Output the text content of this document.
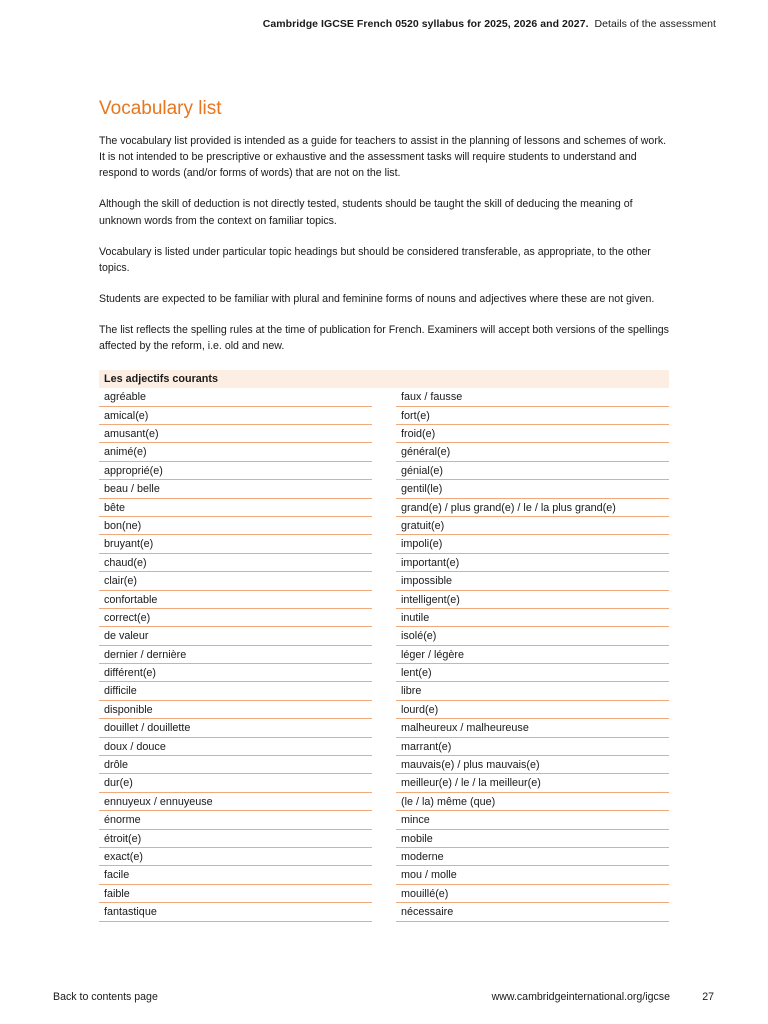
Cambridge IGCSE French 0520 syllabus for 2025, 2026 and 2027. Details of the assessment
Vocabulary list

The vocabulary list provided is intended as a guide for teachers to assist in the planning of lessons and schemes of work. It is not intended to be prescriptive or exhaustive and the assessment tasks will require students to understand and respond to words (and/or forms of words) that are not on the list.

Although the skill of deduction is not directly tested, students should be taught the skill of deducing the meaning of unknown words from the context on familiar topics.

Vocabulary is listed under particular topic headings but should be considered transferable, as appropriate, to the other topics.

Students are expected to be familiar with plural and feminine forms of nouns and adjectives where these are not given.

The list reflects the spelling rules at the time of publication for French. Examiners will accept both versions of the spellings affected by the reform, i.e. old and new.

Les adjectifs courants
agréable
amical(e)
amusant(e)
animé(e)
approprié(e)
beau / belle
bête
bon(ne)
bruyant(e)
chaud(e)
clair(e)
confortable
correct(e)
de valeur
dernier / dernière
différent(e)
difficile
disponible
douillet / douillette
doux / douce
drôle
dur(e)
ennuyeux / ennuyeuse
énorme
étroit(e)
exact(e)
facile
faible
fantastique
faux / fausse
fort(e)
froid(e)
général(e)
génial(e)
gentil(le)
grand(e) / plus grand(e) / le / la plus grand(e)
gratuit(e)
impoli(e)
important(e)
impossible
intelligent(e)
inutile
isolé(e)
léger / légère
lent(e)
libre
lourd(e)
malheureux / malheureuse
marrant(e)
mauvais(e) / plus mauvais(e)
meilleur(e) / le / la meilleur(e)
(le / la) même (que)
mince
mobile
moderne
mou / molle
mouillé(e)
nécessaire
Back to contents page	www.cambridgeinternational.org/igcse	27
